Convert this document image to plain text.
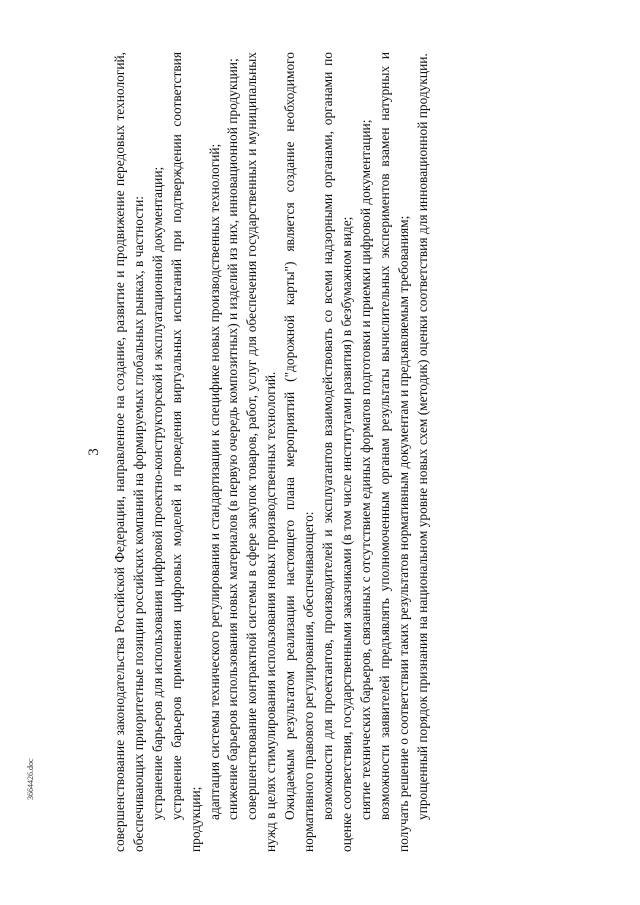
3 совершенствование законодательства Российской Федерации, направленное на создание, развитие и продвижение передовых технологий, обеспечивающих приоритетные позиции российских компаний на формируемых глобальных рынках, в частности: устранение барьеров для использования цифровой проектно-конструкторской и эксплуатационной документации; устранение барьеров применения цифровых моделей и проведения виртуальных испытаний при подтверждении соответствия продукции; адаптация системы технического регулирования и стандартизации к специфике новых производственных технологий; снижение барьеров использования новых материалов (в первую очередь композитных) и изделий из них, инновационной продукции; совершенствование контрактной системы в сфере закупок товаров, работ, услуг для обеспечения государственных и муниципальных нужд в целях стимулирования использования новых производственных технологий. Ожидаемым результатом реализации настоящего плана мероприятий ("дорожной карты") является создание необходимого нормативного правового регулирования, обеспечивающего: возможности для проектантов, производителей и эксплуатантов взаимодействовать со всеми надзорными органами, органами по оценке соответствия, государственными заказчиками (в том числе институтами развития) в безбумажном виде; снятие технических барьеров, связанных с отсутствием единых форматов подготовки и приемки цифровой документации; возможности заявителей предъявлять уполномоченным органам результаты вычислительных экспериментов взамен натурных и получать решение о соответствии таких результатов нормативным документам и предъявляемым требованиям; упрощенный порядок признания на национальном уровне новых схем (методик) оценки соответствия для инновационной продукции.

3664426.doc
